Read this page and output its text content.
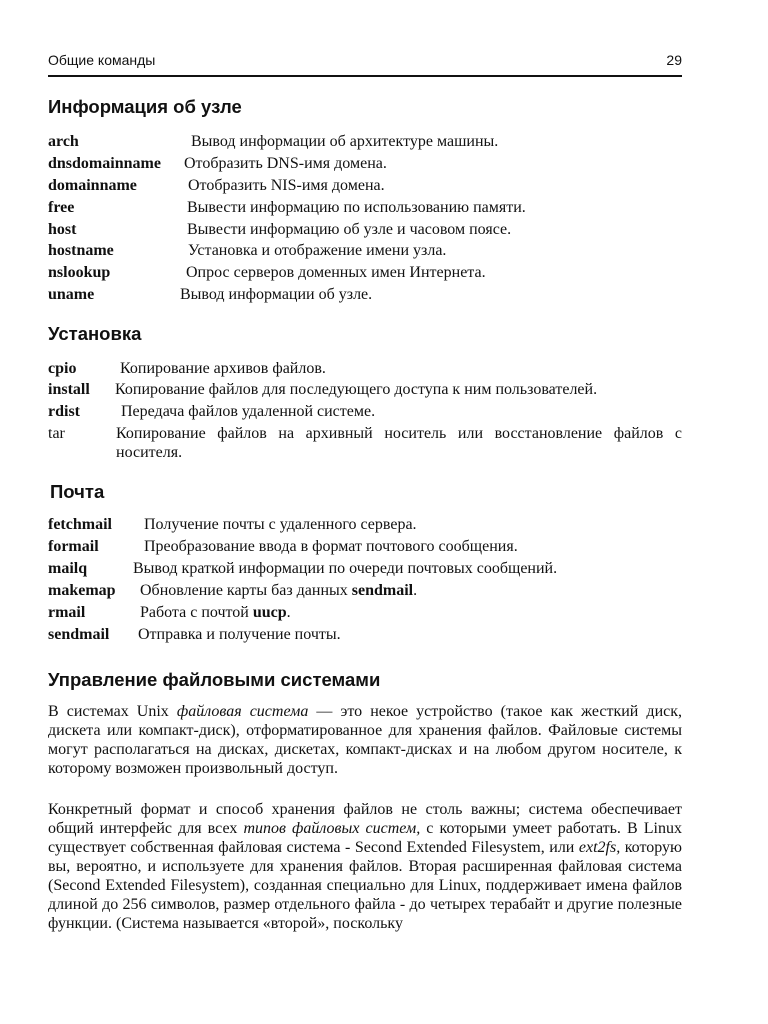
Общие команды	29
Информация об узле
arch	Вывод информации об архитектуре машины.
dnsdomainname Отобразить DNS-имя домена.
domainname	Отобразить NIS-имя домена.
free	Вывести информацию по использованию памяти.
host	Вывести информацию об узле и часовом поясе.
hostname	Установка и отображение имени узла.
nslookup	Опрос серверов доменных имен Интернета.
uname	Вывод информации об узле.
Установка
cpio	Копирование архивов файлов.
install Копирование файлов для последующего доступа к ним пользователей.
rdist	Передача файлов удаленной системе.
tar	Копирование файлов на архивный носитель или восстановление файлов с носителя.
Почта
fetchmail Получение почты с удаленного сервера.
formail	Преобразование ввода в формат почтового сообщения.
mailq	Вывод краткой информации по очереди почтовых сообщений.
makemap Обновление карты баз данных sendmail.
rmail	Работа с почтой uucp.
sendmail Отправка и получение почты.
Управление файловыми системами

В системах Unix файловая система — это некое устройство (такое как жесткий диск, дискета или компакт-диск), отформатированное для хранения файлов. Файловые системы могут располагаться на дисках, дискетах, компакт-дисках и на любом другом носителе, к которому возможен произвольный доступ.

Конкретный формат и способ хранения файлов не столь важны; система обеспечивает общий интерфейс для всех типов файловых систем, с которыми умеет работать. В Linux существует собственная файловая система - Second Extended Filesystem, или ext2fs, которую вы, вероятно, и используете для хранения файлов. Вторая расширенная файловая система (Second Extended Filesystem), созданная специально для Linux, поддерживает имена файлов длиной до 256 символов, размер отдельного файла - до четырех терабайт и другие полезные функции. (Система называется «второй», поскольку
